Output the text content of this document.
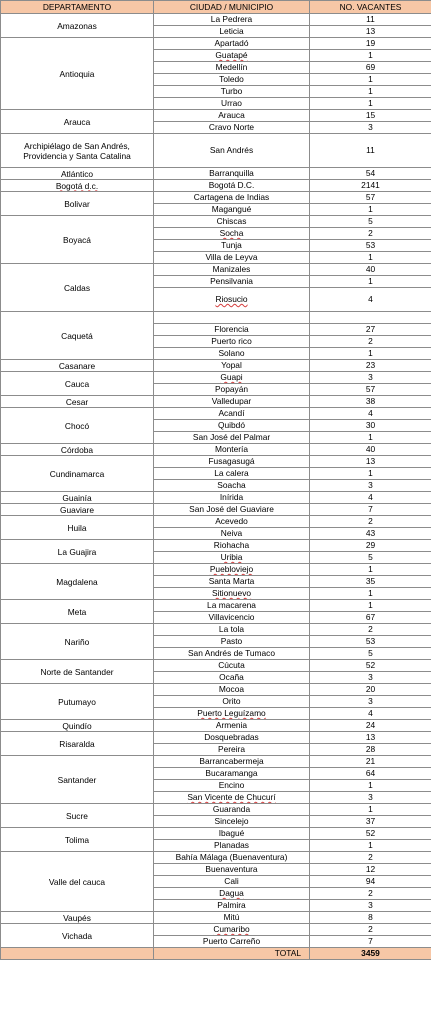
DEPARTAMENTO	CIUDAD / MUNICIPIO	NO. VACANTES
Amazonas	La Pedrera	11
	Leticia	13
Antioquia	Apartadó	19
	Guatapé	1
	Medellín	69
	Toledo	1
	Turbo	1
	Urrao	1
Arauca	Arauca	15
	Cravo Norte	3
Archipiélago de San Andrés, Providencia y Santa Catalina	San Andrés	11
Atlántico	Barranquilla	54
Bogotá d.c.	Bogotá D.C.	2141
Bolivar	Cartagena de Indias	57
	Magangué	1
Boyacá	Chiscas	5
	Socha	2
	Tunja	53
	Villa de Leyva	1
Caldas	Manizales	40
	Pensilvania	1
	Riosucio	4
Caquetá		
	Florencia	27
	Puerto rico	2
	Solano	1
Casanare	Yopal	23
Cauca	Guapi	3
	Popayán	57
Cesar	Valledupar	38
Chocó	Acandí	4
	Quibdó	30
	San José del Palmar	1
Córdoba	Montería	40
Cundinamarca	Fusagasugá	13
	La calera	1
	Soacha	3
Guainía	Inírida	4
Guaviare	San José del Guaviare	7
Huila	Acevedo	2
	Neiva	43
La Guajira	Riohacha	29
	Uribia	5
Magdalena	Puebloviejo	1
	Santa Marta	35
	Sitionuevo	1
Meta	La macarena	1
	Villavicencio	67
Nariño	La tola	2
	Pasto	53
	San Andrés de Tumaco	5
Norte de Santander	Cúcuta	52
	Ocaña	3
Putumayo	Mocoa	20
	Orito	3
	Puerto Leguízamo	4
Quindío	Armenia	24
Risaralda	Dosquebradas	13
	Pereira	28
Santander	Barrancabermeja	21
	Bucaramanga	64
	Encino	1
	San Vicente de Chucurí	3
Sucre	Guaranda	1
	Sincelejo	37
Tolima	Ibagué	52
	Planadas	1
Valle del cauca	Bahía Málaga (Buenaventura)	2
	Buenaventura	12
	Cali	94
	Dagua	2
	Palmira	3
Vaupés	Mitú	8
Vichada	Cumaribo	2
	Puerto Carreño	7
	TOTAL	3459
